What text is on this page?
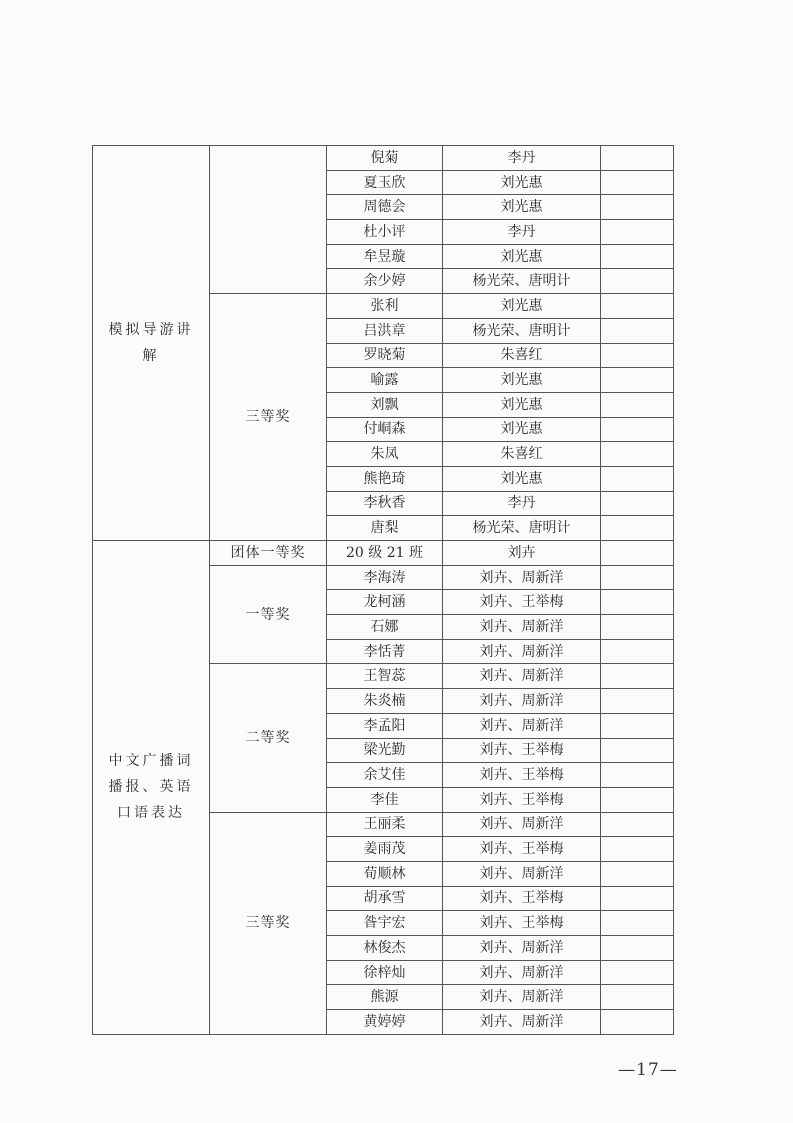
模拟导游讲解		倪菊	李丹	
		夏玉欣	刘光惠	
		周德会	刘光惠	
		杜小评	李丹	
		牟昱璇	刘光惠	
		余少婷	杨光荣、唐明计	
	三等奖	张利	刘光惠	
		吕洪章	杨光荣、唐明计	
		罗晓菊	朱喜红	
		喻露	刘光惠	
		刘飘	刘光惠	
		付峒森	刘光惠	
		朱凤	朱喜红	
		熊艳琦	刘光惠	
		李秋香	李丹	
		唐梨	杨光荣、唐明计	
中文广播词播报、英语口语表达	团体一等奖	20 级 21 班	刘卉	
	一等奖	李海涛	刘卉、周新洋	
		龙柯涵	刘卉、王举梅	
		石娜	刘卉、周新洋	
		李恬菁	刘卉、周新洋	
	二等奖	王智蕊	刘卉、周新洋	
		朱炎楠	刘卉、周新洋	
		李孟阳	刘卉、周新洋	
		梁光勤	刘卉、王举梅	
		余艾佳	刘卉、王举梅	
		李佳	刘卉、王举梅	
	三等奖	王丽柔	刘卉、周新洋	
		姜雨茂	刘卉、王举梅	
		荀顺林	刘卉、周新洋	
		胡承雪	刘卉、王举梅	
		昝宇宏	刘卉、王举梅	
		林俊杰	刘卉、周新洋	
		徐梓灿	刘卉、周新洋	
		熊源	刘卉、周新洋	
		黄婷婷	刘卉、周新洋	
—17—
